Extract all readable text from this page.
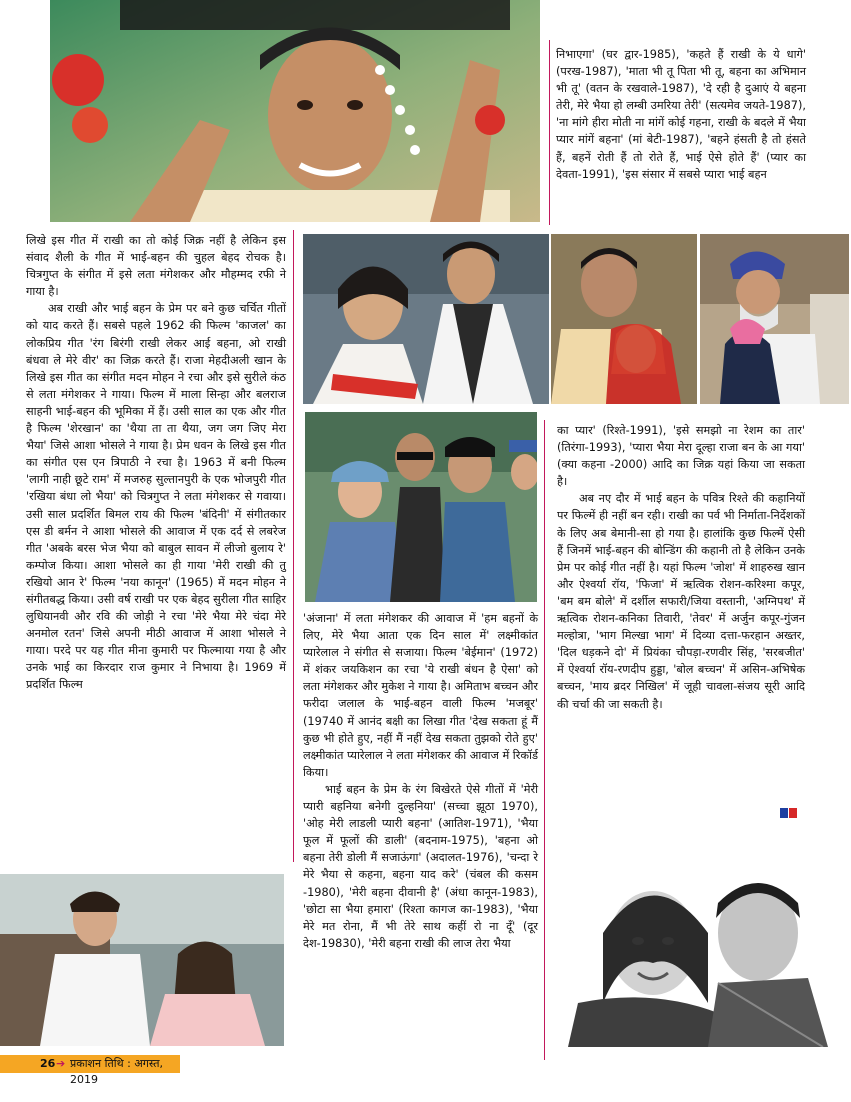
निभाएगा' (घर द्वार-1985), 'कहते हैं राखी के ये धागे' (परख-1987), 'माता भी तू पिता भी तू, बहना का अभिमान भी तू' (वतन के रखवाले-1987), 'दे रही है दुआएं ये बहना तेरी, मेरे भैया हो लम्बी उमरिया तेरी' (सत्यमेव जयते-1987), 'ना मांगे हीरा मोती ना मांगें कोई गहना, राखी के बदले में भैया प्यार मांगें बहना' (मां बेटी-1987), 'बहने हंसती है तो हंसते हैं, बहनें रोती हैं तो रोते हैं, भाई ऐसे होते हैं' (प्यार का देवता-1991), 'इस संसार में सबसे प्यारा भाई बहन

लिखे इस गीत में राखी का तो कोई जिक्र नहीं है लेकिन इस संवाद शैली के गीत में भाई-बहन की चुहल बेहद रोचक है। चित्रगुप्त के संगीत में इसे लता मंगेशकर और मौहम्मद रफी ने गाया है।

अब राखी और भाई बहन के प्रेम पर बने कुछ चर्चित गीतों को याद करते हैं। सबसे पहले 1962 की फिल्म 'काजल' का लोकप्रिय गीत 'रंग बिरंगी राखी लेकर आई बहना, ओ राखी बंधवा ले मेरे वीर' का जिक्र करते हैं। राजा मेहदीअली खान के लिखे इस गीत का संगीत मदन मोहन ने रचा और इसे सुरीले कंठ से लता मंगेशकर ने गाया। फिल्म में माला सिन्हा और बलराज साहनी भाई-बहन की भूमिका में हैं। उसी साल का एक और गीत है फिल्म 'शेरखान' का 'थैया ता ता थैया, जग जग जिए मेरा भैया' जिसे आशा भोसले ने गाया है। प्रेम धवन के लिखे इस गीत का संगीत एस एन त्रिपाठी ने रचा है। 1963 में बनी फिल्म 'लागी नाही छूटे राम' में मजरुह सुल्तानपुरी के एक भोजपुरी गीत 'रखिया बंधा लो भैया' को चित्रगुप्त ने लता मंगेशकर से गवाया। उसी साल प्रदर्शित बिमल राय की फिल्म 'बंदिनी' में संगीतकार एस डी बर्मन ने आशा भोसले की आवाज में एक दर्द से लबरेज गीत 'अबके बरस भेज भैया को बाबुल सावन में लीजो बुलाय रे' कम्पोज किया। आशा भोसले का ही गाया 'मेरी राखी की तु रखियो आन रे' फिल्म 'नया कानून' (1965) में मदन मोहन ने संगीतबद्ध किया। उसी वर्ष राखी पर एक बेहद सुरीला गीत साहिर लुधियानवी और रवि की जोड़ी ने रचा 'मेरे भैया मेरे चंदा मेरे अनमोल रतन' जिसे अपनी मीठी आवाज में आशा भोसले ने गाया। परदे पर यह गीत मीना कुमारी पर फिल्माया गया है और उनके भाई का किरदार राज कुमार ने निभाया है। 1969 में प्रदर्शित फिल्म

'अंजाना' में लता मंगेशकर की आवाज में 'हम बहनों के लिए, मेरे भैया आता एक दिन साल में' लक्ष्मीकांत प्यारेलाल ने संगीत से सजाया। फिल्म 'बेईमान' (1972) में शंकर जयकिशन का रचा 'ये राखी बंधन है ऐसा' को लता मंगेशकर और मुकेश ने गाया है। अमिताभ बच्चन और फरीदा जलाल के भाई-बहन वाली फिल्म 'मजबूर' (19740 में आनंद बक्षी का लिखा गीत 'देख सकता हूं मैं कुछ भी होते हुए, नहीं मैं नहीं देख सकता तुझको रोते हुए' लक्ष्मीकांत प्यारेलाल ने लता मंगेशकर की आवाज में रिकॉर्ड किया।

भाई बहन के प्रेम के रंग बिखेरते ऐसे गीतों में 'मेरी प्यारी बहनिया बनेगी दुल्हनिया' (सच्चा झूठा 1970), 'ओह मेरी लाडली प्यारी बहना' (आतिश-1971), 'भैया फूल में फूलों की डाली' (बदनाम-1975), 'बहना ओ बहना तेरी डोली मैं सजाऊंगा' (अदालत-1976), 'चन्दा रे मेरे भैया से कहना, बहना याद करे' (चंबल की कसम -1980), 'मेरी बहना दीवानी है' (अंधा कानून-1983), 'छोटा सा भैया हमारा' (रिश्ता कागज का-1983), 'भैया मेरे मत रोना, मैं भी तेरे साथ कहीं रो ना दूँ' (दूर देश-19830), 'मेरी बहना राखी की लाज तेरा भैया

का प्यार' (रिश्ते-1991), 'इसे समझो ना रेशम का तार' (तिरंगा-1993), 'प्यारा भैया मेरा दूल्हा राजा बन के आ गया' (क्या कहना -2000) आदि का जिक्र यहां किया जा सकता है।

अब नए दौर में भाई बहन के पवित्र रिश्ते की कहानियों पर फिल्में ही नहीं बन रही। राखी का पर्व भी निर्माता-निर्देशकों के लिए अब बेमानी-सा हो गया है। हालांकि कुछ फिल्में ऐसी हैं जिनमें भाई-बहन की बोन्डिंग की कहानी तो है लेकिन उनके प्रेम पर कोई गीत नहीं है। यहां फिल्म 'जोश' में शाहरुख खान और ऐश्वर्या रॉय, 'फिजा' में ऋत्विक रोशन-करिश्मा कपूर, 'बम बम बोले' में दर्शील सफारी/जिया वस्तानी, 'अग्निपथ' में ऋत्विक रोशन-कनिका तिवारी, 'तेवर' में अर्जुन कपूर-गुंजन मल्होत्रा, 'भाग मिल्खा भाग' में दिव्या दत्ता-फरहान अख्तर, 'दिल धड़कने दो' में प्रियंका चौपड़ा-रणवीर सिंह, 'सरबजीत' में ऐश्वर्या रॉय-रणदीप हुड्डा, 'बोल बच्चन' में असिन-अभिषेक बच्चन, 'माय ब्रदर निखिल' में जूही चावला-संजय सूरी आदि की चर्चा की जा सकती है।

26 ➔ प्रकाशन तिथि : अगस्त, 2019
